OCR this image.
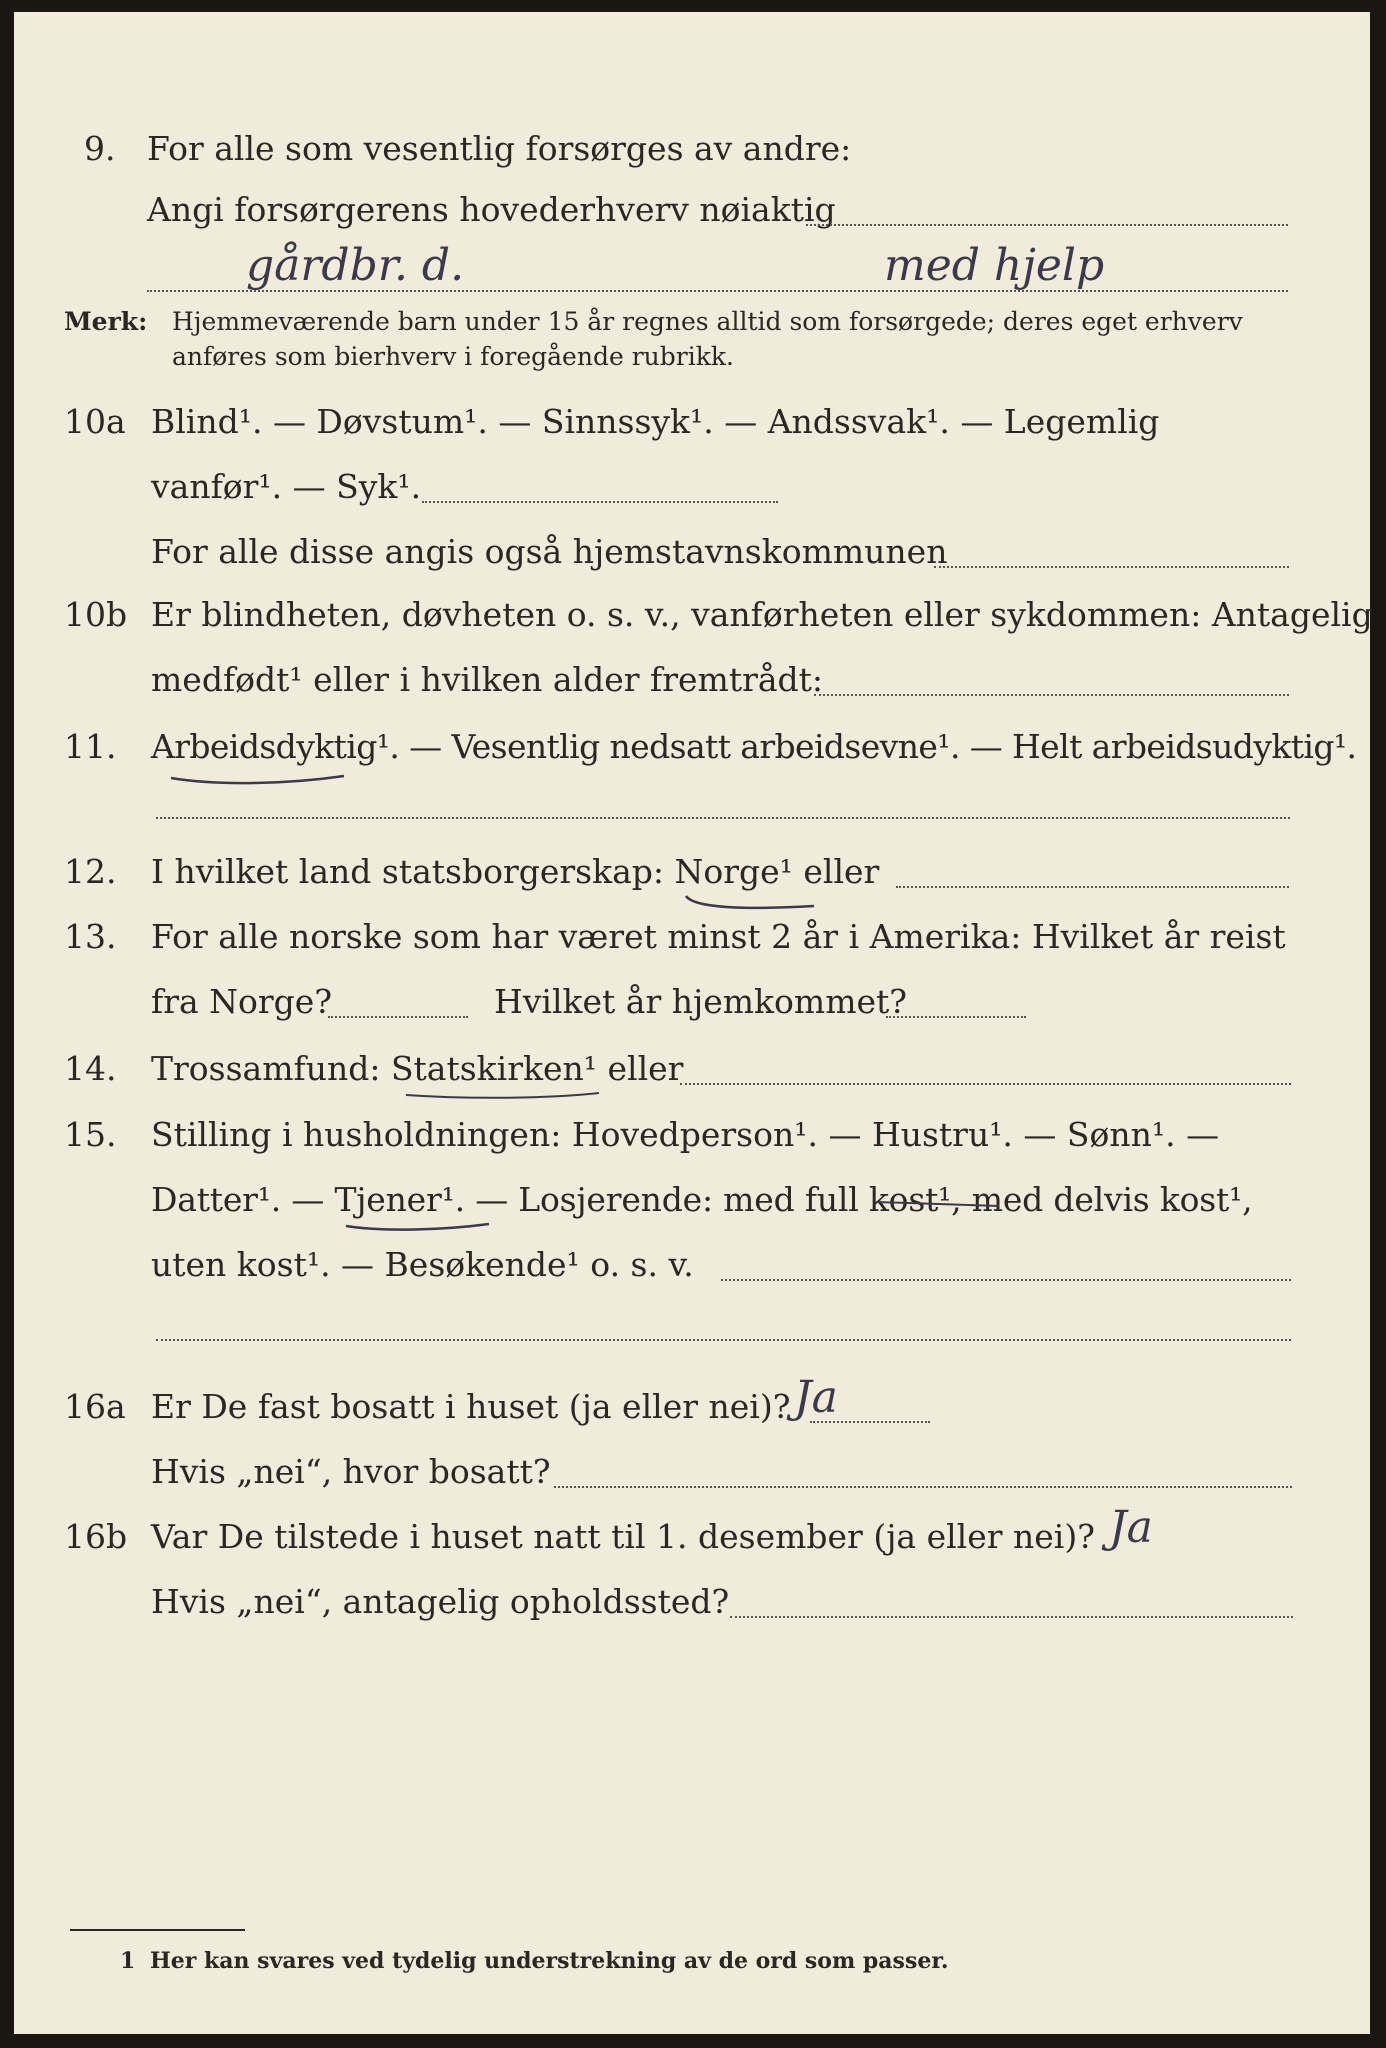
9. For alle som vesentlig forsørges av andre:
Angi forsørgerens hovederhverv nøiaktig
gårdbr. d.	med hjelp
Merk: Hjemmeværende barn under 15 år regnes alltid som forsørgede; deres eget erhverv
anføres som bierhverv i foregående rubrikk.
10a Blind¹. — Døvstum¹. — Sinnssyk¹. — Andssvak¹. — Legemlig
vanfør¹. — Syk¹.
For alle disse angis også hjemstavnskommunen
10b Er blindheten, døvheten o. s. v., vanførheten eller sykdommen: Antagelig
medfødt¹ eller i hvilken alder fremtrådt:
11. Arbeidsdyktig¹. — Vesentlig nedsatt arbeidsevne¹. — Helt arbeidsudyktig¹.
12. I hvilket land statsborgerskap: Norge¹ eller
13. For alle norske som har været minst 2 år i Amerika: Hvilket år reist
fra Norge?	Hvilket år hjemkommet?
14. Trossamfund: Statskirken¹ eller
15. Stilling i husholdningen: Hovedperson¹. — Hustru¹. — Sønn¹. —
Datter¹. — Tjener¹. — Losjerende: med full kost¹, med delvis kost¹,
uten kost¹. — Besøkende¹ o. s. v.
16a Er De fast bosatt i huset (ja eller nei)? Ja
Hvis „nei“, hvor bosatt?
16b Var De tilstede i huset natt til 1. desember (ja eller nei)? Ja
Hvis „nei“, antagelig opholdssted?
1 Her kan svares ved tydelig understrekning av de ord som passer.
